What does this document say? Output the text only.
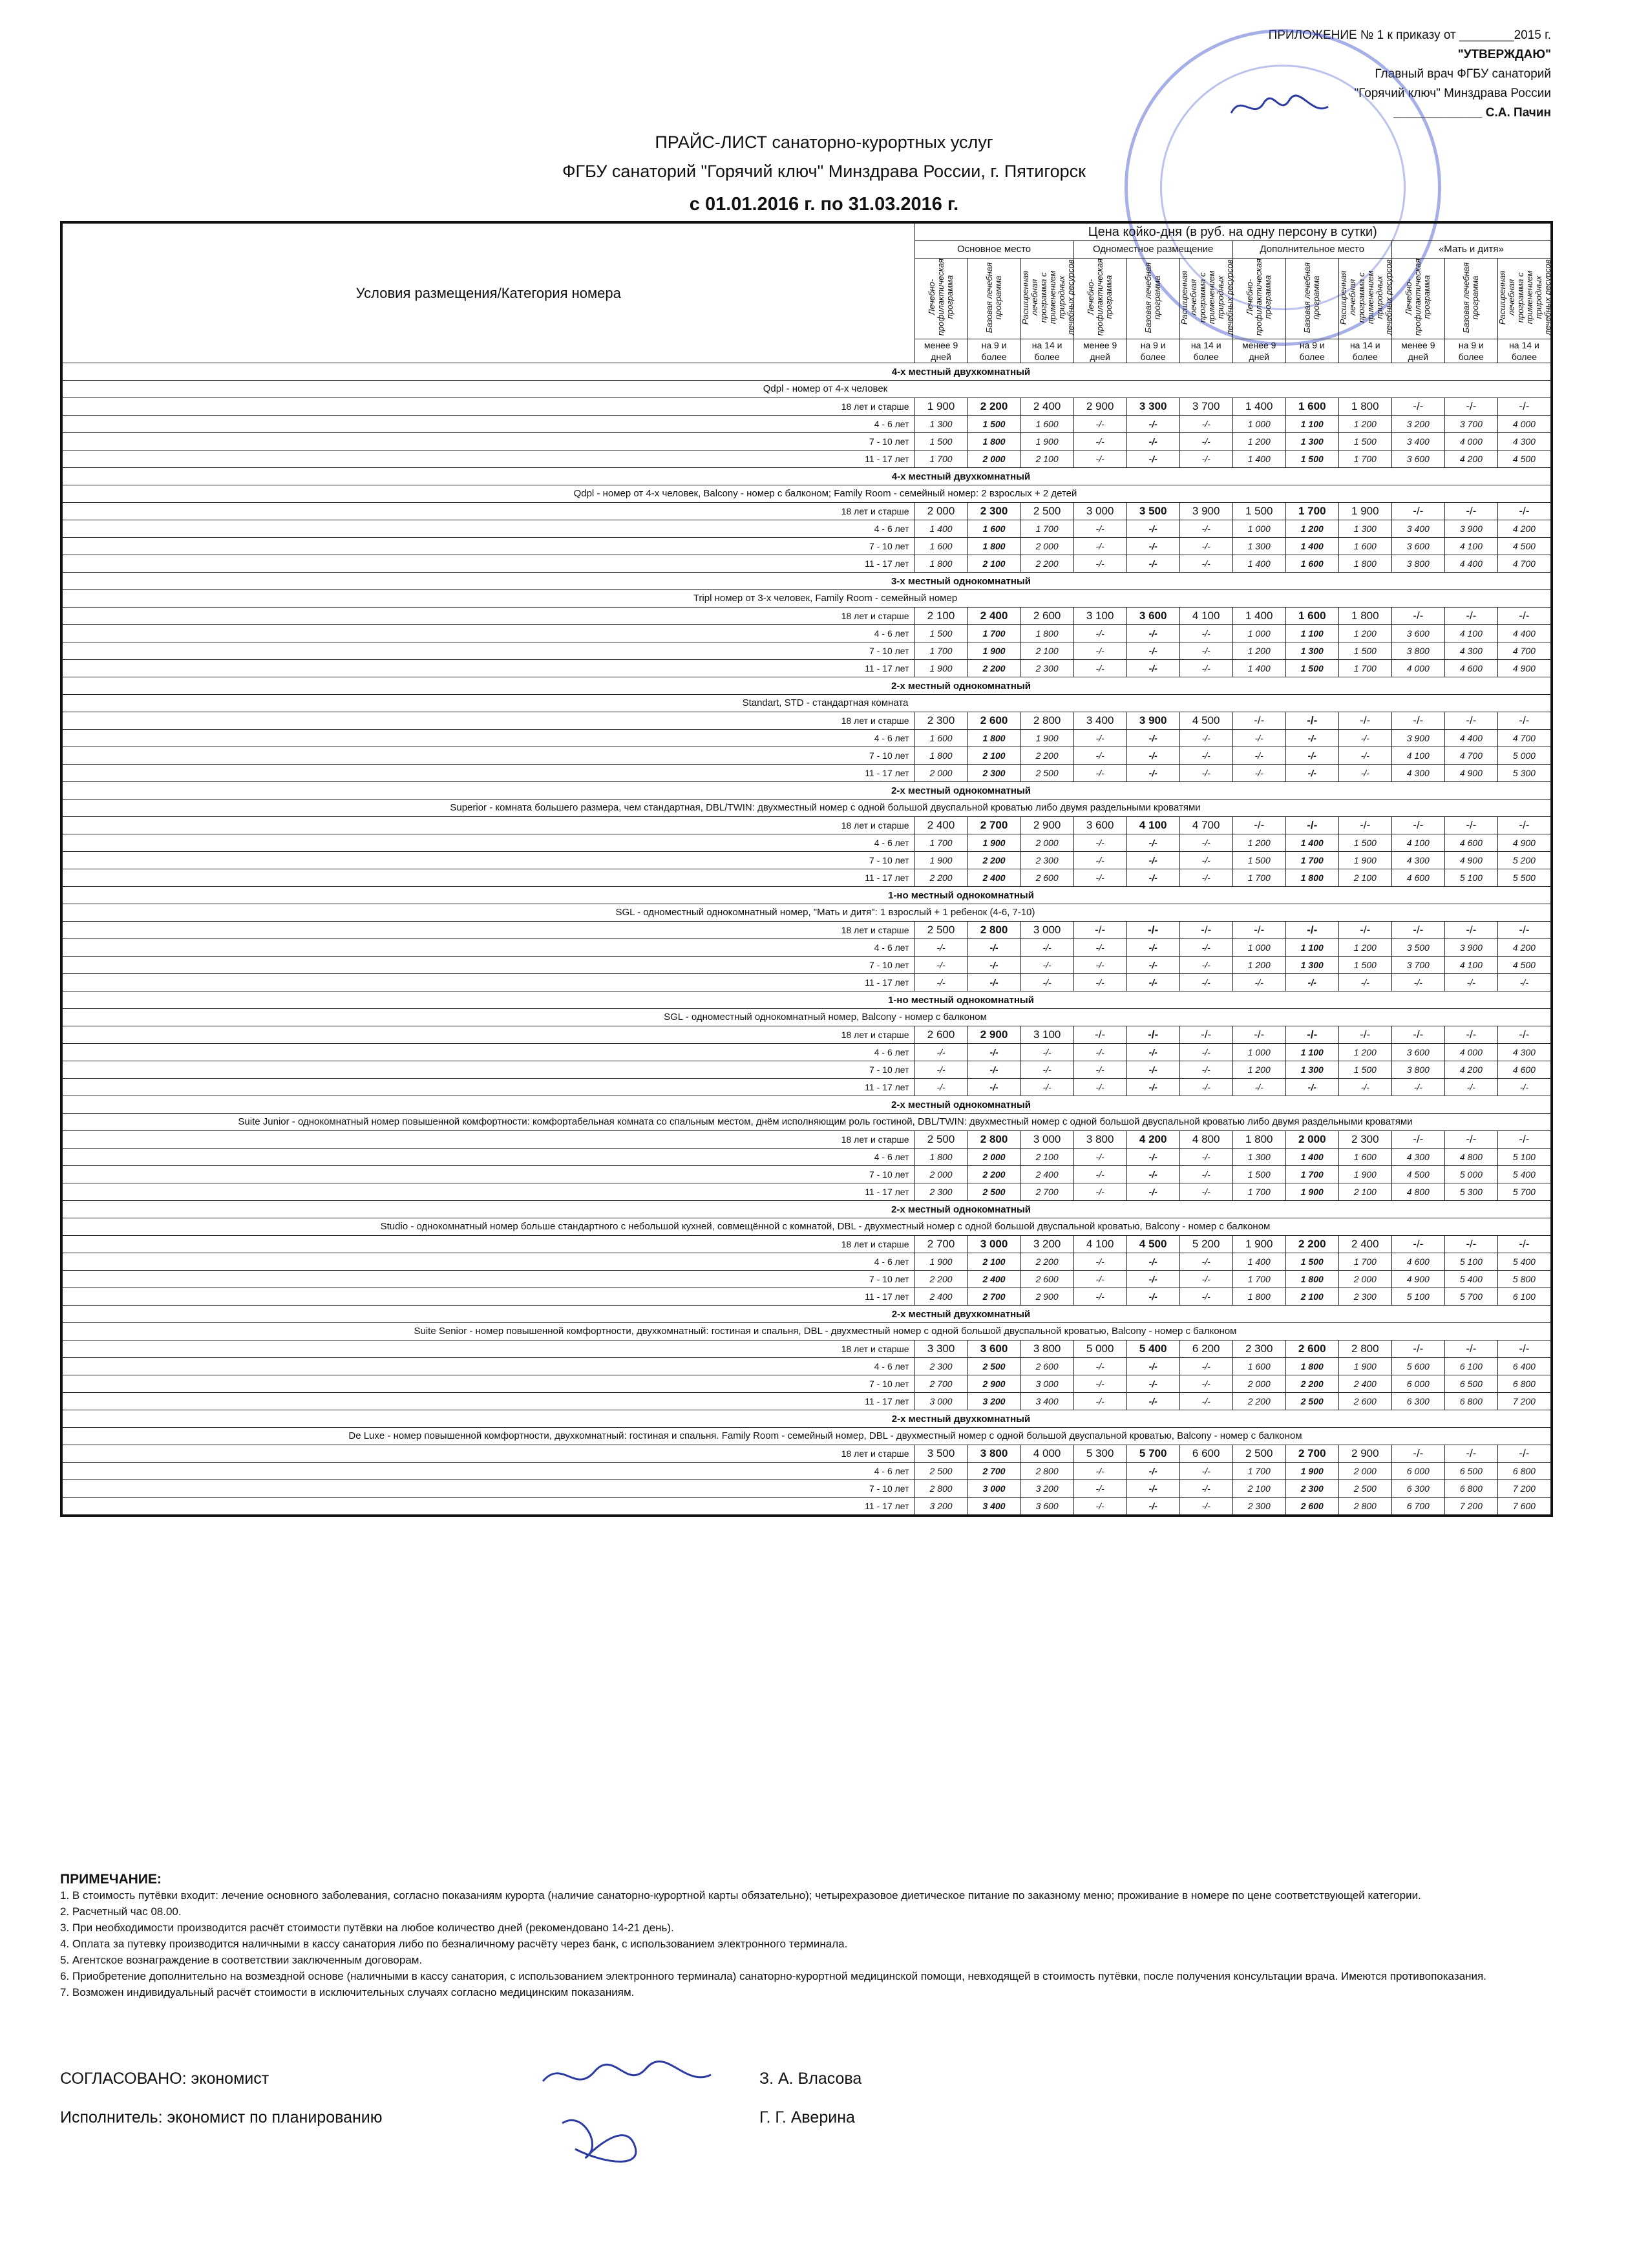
ПРИЛОЖЕНИЕ № 1 к приказу от ________2015 г.
"УТВЕРЖДАЮ"
Главный врач ФГБУ санаторий
"Горячий ключ" Минздрава России
_____________ С.А. Пачин
ПРАЙС-ЛИСТ санаторно-курортных услуг
ФГБУ санаторий "Горячий ключ" Минздрава России, г. Пятигорск
с 01.01.2016 г. по 31.03.2016 г.
Условия размещения/Категория номера	Цена койко-дня (в руб. на одну персону в сутки)											
	Основное место			Одноместное размещение			Дополнительное место			«Мать и дитя»		
	Лечебно-профилактическая программа	Базовая лечебная программа	Расширенная лечебная программа с применением природных лечебных ресурсов	Лечебно-профилактическая программа	Базовая лечебная программа	Расширенная лечебная программа с применением природных лечебных ресурсов	Лечебно-профилактическая программа	Базовая лечебная программа	Расширенная лечебная программа с применением природных лечебных ресурсов	Лечебно-профилактическая программа	Базовая лечебная программа	Расширенная лечебная программа с применением природных лечебных ресурсов
	менее 9 дней	на 9 и более	на 14 и более	менее 9 дней	на 9 и более	на 14 и более	менее 9 дней	на 9 и более	на 14 и более	менее 9 дней	на 9 и более	на 14 и более
4-х местный двухкомнатный												
Qdpl - номер от 4-х человек												
18 лет и старше	1 900	2 200	2 400	2 900	3 300	3 700	1 400	1 600	1 800	-/-	-/-	-/-
4 - 6 лет	1 300	1 500	1 600	-/-	-/-	-/-	1 000	1 100	1 200	3 200	3 700	4 000
7 - 10 лет	1 500	1 800	1 900	-/-	-/-	-/-	1 200	1 300	1 500	3 400	4 000	4 300
11 - 17 лет	1 700	2 000	2 100	-/-	-/-	-/-	1 400	1 500	1 700	3 600	4 200	4 500
4-х местный двухкомнатный												
Qdpl - номер от 4-х человек, Balcony - номер с балконом; Family Room - семейный номер: 2 взрослых + 2 детей												
18 лет и старше	2 000	2 300	2 500	3 000	3 500	3 900	1 500	1 700	1 900	-/-	-/-	-/-
4 - 6 лет	1 400	1 600	1 700	-/-	-/-	-/-	1 000	1 200	1 300	3 400	3 900	4 200
7 - 10 лет	1 600	1 800	2 000	-/-	-/-	-/-	1 300	1 400	1 600	3 600	4 100	4 500
11 - 17 лет	1 800	2 100	2 200	-/-	-/-	-/-	1 400	1 600	1 800	3 800	4 400	4 700
3-х местный однокомнатный												
Tripl номер от 3-х человек, Family Room - семейный номер												
18 лет и старше	2 100	2 400	2 600	3 100	3 600	4 100	1 400	1 600	1 800	-/-	-/-	-/-
4 - 6 лет	1 500	1 700	1 800	-/-	-/-	-/-	1 000	1 100	1 200	3 600	4 100	4 400
7 - 10 лет	1 700	1 900	2 100	-/-	-/-	-/-	1 200	1 300	1 500	3 800	4 300	4 700
11 - 17 лет	1 900	2 200	2 300	-/-	-/-	-/-	1 400	1 500	1 700	4 000	4 600	4 900
2-х местный однокомнатный												
Standart, STD - стандартная комната												
18 лет и старше	2 300	2 600	2 800	3 400	3 900	4 500	-/-	-/-	-/-	-/-	-/-	-/-
4 - 6 лет	1 600	1 800	1 900	-/-	-/-	-/-	-/-	-/-	-/-	3 900	4 400	4 700
7 - 10 лет	1 800	2 100	2 200	-/-	-/-	-/-	-/-	-/-	-/-	4 100	4 700	5 000
11 - 17 лет	2 000	2 300	2 500	-/-	-/-	-/-	-/-	-/-	-/-	4 300	4 900	5 300
2-х местный однокомнатный												
Superior - комната большего размера, чем стандартная, DBL/TWIN: двухместный номер с одной большой двуспальной кроватью либо двумя раздельными кроватями												
18 лет и старше	2 400	2 700	2 900	3 600	4 100	4 700	-/-	-/-	-/-	-/-	-/-	-/-
4 - 6 лет	1 700	1 900	2 000	-/-	-/-	-/-	1 200	1 400	1 500	4 100	4 600	4 900
7 - 10 лет	1 900	2 200	2 300	-/-	-/-	-/-	1 500	1 700	1 900	4 300	4 900	5 200
11 - 17 лет	2 200	2 400	2 600	-/-	-/-	-/-	1 700	1 800	2 100	4 600	5 100	5 500
1-но местный однокомнатный												
SGL - одноместный однокомнатный номер, "Мать и дитя": 1 взрослый + 1 ребенок (4-6, 7-10)												
18 лет и старше	2 500	2 800	3 000	-/-	-/-	-/-	-/-	-/-	-/-	-/-	-/-	-/-
4 - 6 лет	-/-	-/-	-/-	-/-	-/-	-/-	1 000	1 100	1 200	3 500	3 900	4 200
7 - 10 лет	-/-	-/-	-/-	-/-	-/-	-/-	1 200	1 300	1 500	3 700	4 100	4 500
11 - 17 лет	-/-	-/-	-/-	-/-	-/-	-/-	-/-	-/-	-/-	-/-	-/-	-/-
1-но местный однокомнатный												
SGL - одноместный однокомнатный номер, Balcony - номер с балконом												
18 лет и старше	2 600	2 900	3 100	-/-	-/-	-/-	-/-	-/-	-/-	-/-	-/-	-/-
4 - 6 лет	-/-	-/-	-/-	-/-	-/-	-/-	1 000	1 100	1 200	3 600	4 000	4 300
7 - 10 лет	-/-	-/-	-/-	-/-	-/-	-/-	1 200	1 300	1 500	3 800	4 200	4 600
11 - 17 лет	-/-	-/-	-/-	-/-	-/-	-/-	-/-	-/-	-/-	-/-	-/-	-/-
2-х местный однокомнатный												
Suite Junior - однокомнатный номер повышенной комфортности: комфортабельная комната со спальным местом, днём исполняющим роль гостиной, DBL/TWIN: двухместный номер с одной большой двуспальной кроватью либо двумя раздельными кроватями												
18 лет и старше	2 500	2 800	3 000	3 800	4 200	4 800	1 800	2 000	2 300	-/-	-/-	-/-
4 - 6 лет	1 800	2 000	2 100	-/-	-/-	-/-	1 300	1 400	1 600	4 300	4 800	5 100
7 - 10 лет	2 000	2 200	2 400	-/-	-/-	-/-	1 500	1 700	1 900	4 500	5 000	5 400
11 - 17 лет	2 300	2 500	2 700	-/-	-/-	-/-	1 700	1 900	2 100	4 800	5 300	5 700
2-х местный однокомнатный												
Studio - однокомнатный номер больше стандартного с небольшой кухней, совмещённой с комнатой, DBL - двухместный номер с одной большой двуспальной кроватью, Balcony - номер с балконом												
18 лет и старше	2 700	3 000	3 200	4 100	4 500	5 200	1 900	2 200	2 400	-/-	-/-	-/-
4 - 6 лет	1 900	2 100	2 200	-/-	-/-	-/-	1 400	1 500	1 700	4 600	5 100	5 400
7 - 10 лет	2 200	2 400	2 600	-/-	-/-	-/-	1 700	1 800	2 000	4 900	5 400	5 800
11 - 17 лет	2 400	2 700	2 900	-/-	-/-	-/-	1 800	2 100	2 300	5 100	5 700	6 100
2-х местный двухкомнатный												
Suite Senior - номер повышенной комфортности, двухкомнатный: гостиная и спальня, DBL - двухместный номер с одной большой двуспальной кроватью, Balcony - номер с балконом												
18 лет и старше	3 300	3 600	3 800	5 000	5 400	6 200	2 300	2 600	2 800	-/-	-/-	-/-
4 - 6 лет	2 300	2 500	2 600	-/-	-/-	-/-	1 600	1 800	1 900	5 600	6 100	6 400
7 - 10 лет	2 700	2 900	3 000	-/-	-/-	-/-	2 000	2 200	2 400	6 000	6 500	6 800
11 - 17 лет	3 000	3 200	3 400	-/-	-/-	-/-	2 200	2 500	2 600	6 300	6 800	7 200
2-х местный двухкомнатный												
De Luxe - номер повышенной комфортности, двухкомнатный: гостиная и спальня. Family Room - семейный номер, DBL - двухместный номер с одной большой двуспальной кроватью, Balcony - номер с балконом												
18 лет и старше	3 500	3 800	4 000	5 300	5 700	6 600	2 500	2 700	2 900	-/-	-/-	-/-
4 - 6 лет	2 500	2 700	2 800	-/-	-/-	-/-	1 700	1 900	2 000	6 000	6 500	6 800
7 - 10 лет	2 800	3 000	3 200	-/-	-/-	-/-	2 100	2 300	2 500	6 300	6 800	7 200
11 - 17 лет	3 200	3 400	3 600	-/-	-/-	-/-	2 300	2 600	2 800	6 700	7 200	7 600
ПРИМЕЧАНИЕ:
1. В стоимость путёвки входит: лечение основного заболевания, согласно показаниям курорта (наличие санаторно-курортной карты обязательно); четырехразовое диетическое питание по заказному меню; проживание в номере по цене соответствующей категории.
2. Расчетный час 08.00.
3. При необходимости производится расчёт стоимости путёвки на любое количество дней (рекомендовано 14-21 день).
4. Оплата за путевку производится наличными в кассу санатория либо по безналичному расчёту через банк, с использованием электронного терминала.
5. Агентское вознаграждение в соответствии заключенным договорам.
6. Приобретение дополнительно на возмездной основе (наличными в кассу санатория, с использованием электронного терминала) санаторно-курортной медицинской помощи, невходящей в стоимость путёвки, после получения консультации врача. Имеются противопоказания.
7. Возможен индивидуальный расчёт стоимости в исключительных случаях согласно медицинским показаниям.
СОГЛАСОВАНО: экономист	З. А. Власова
Исполнитель: экономист по планированию	Г. Г. Аверина
